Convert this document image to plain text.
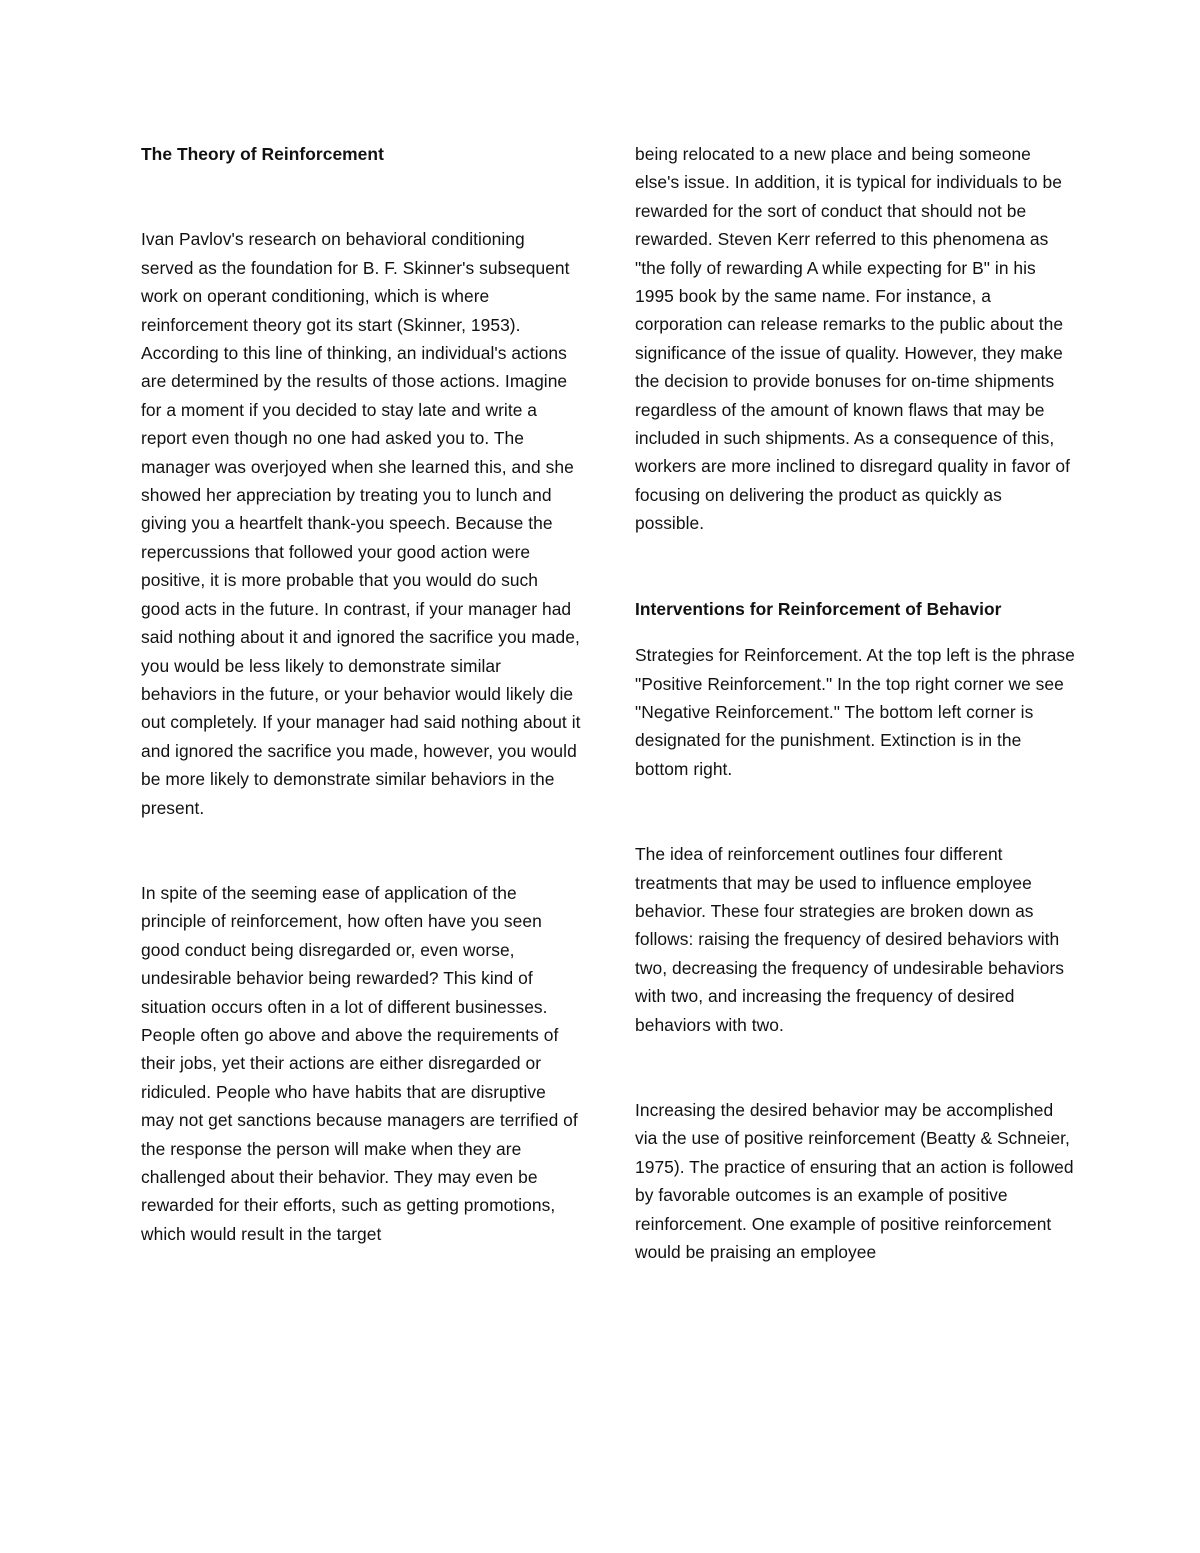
The Theory of Reinforcement

Ivan Pavlov's research on behavioral conditioning served as the foundation for B. F. Skinner's subsequent work on operant conditioning, which is where reinforcement theory got its start (Skinner, 1953). According to this line of thinking, an individual's actions are determined by the results of those actions. Imagine for a moment if you decided to stay late and write a report even though no one had asked you to. The manager was overjoyed when she learned this, and she showed her appreciation by treating you to lunch and giving you a heartfelt thank-you speech. Because the repercussions that followed your good action were positive, it is more probable that you would do such good acts in the future. In contrast, if your manager had said nothing about it and ignored the sacrifice you made, you would be less likely to demonstrate similar behaviors in the future, or your behavior would likely die out completely. If your manager had said nothing about it and ignored the sacrifice you made, however, you would be more likely to demonstrate similar behaviors in the present.

In spite of the seeming ease of application of the principle of reinforcement, how often have you seen good conduct being disregarded or, even worse, undesirable behavior being rewarded? This kind of situation occurs often in a lot of different businesses. People often go above and above the requirements of their jobs, yet their actions are either disregarded or ridiculed. People who have habits that are disruptive may not get sanctions because managers are terrified of the response the person will make when they are challenged about their behavior. They may even be rewarded for their efforts, such as getting promotions, which would result in the target

being relocated to a new place and being someone else's issue. In addition, it is typical for individuals to be rewarded for the sort of conduct that should not be rewarded. Steven Kerr referred to this phenomena as "the folly of rewarding A while expecting for B" in his 1995 book by the same name. For instance, a corporation can release remarks to the public about the significance of the issue of quality. However, they make the decision to provide bonuses for on-time shipments regardless of the amount of known flaws that may be included in such shipments. As a consequence of this, workers are more inclined to disregard quality in favor of focusing on delivering the product as quickly as possible.

Interventions for Reinforcement of Behavior

Strategies for Reinforcement. At the top left is the phrase "Positive Reinforcement." In the top right corner we see "Negative Reinforcement." The bottom left corner is designated for the punishment. Extinction is in the bottom right.

The idea of reinforcement outlines four different treatments that may be used to influence employee behavior. These four strategies are broken down as follows: raising the frequency of desired behaviors with two, decreasing the frequency of undesirable behaviors with two, and increasing the frequency of desired behaviors with two.

Increasing the desired behavior may be accomplished via the use of positive reinforcement (Beatty & Schneier, 1975). The practice of ensuring that an action is followed by favorable outcomes is an example of positive reinforcement. One example of positive reinforcement would be praising an employee
